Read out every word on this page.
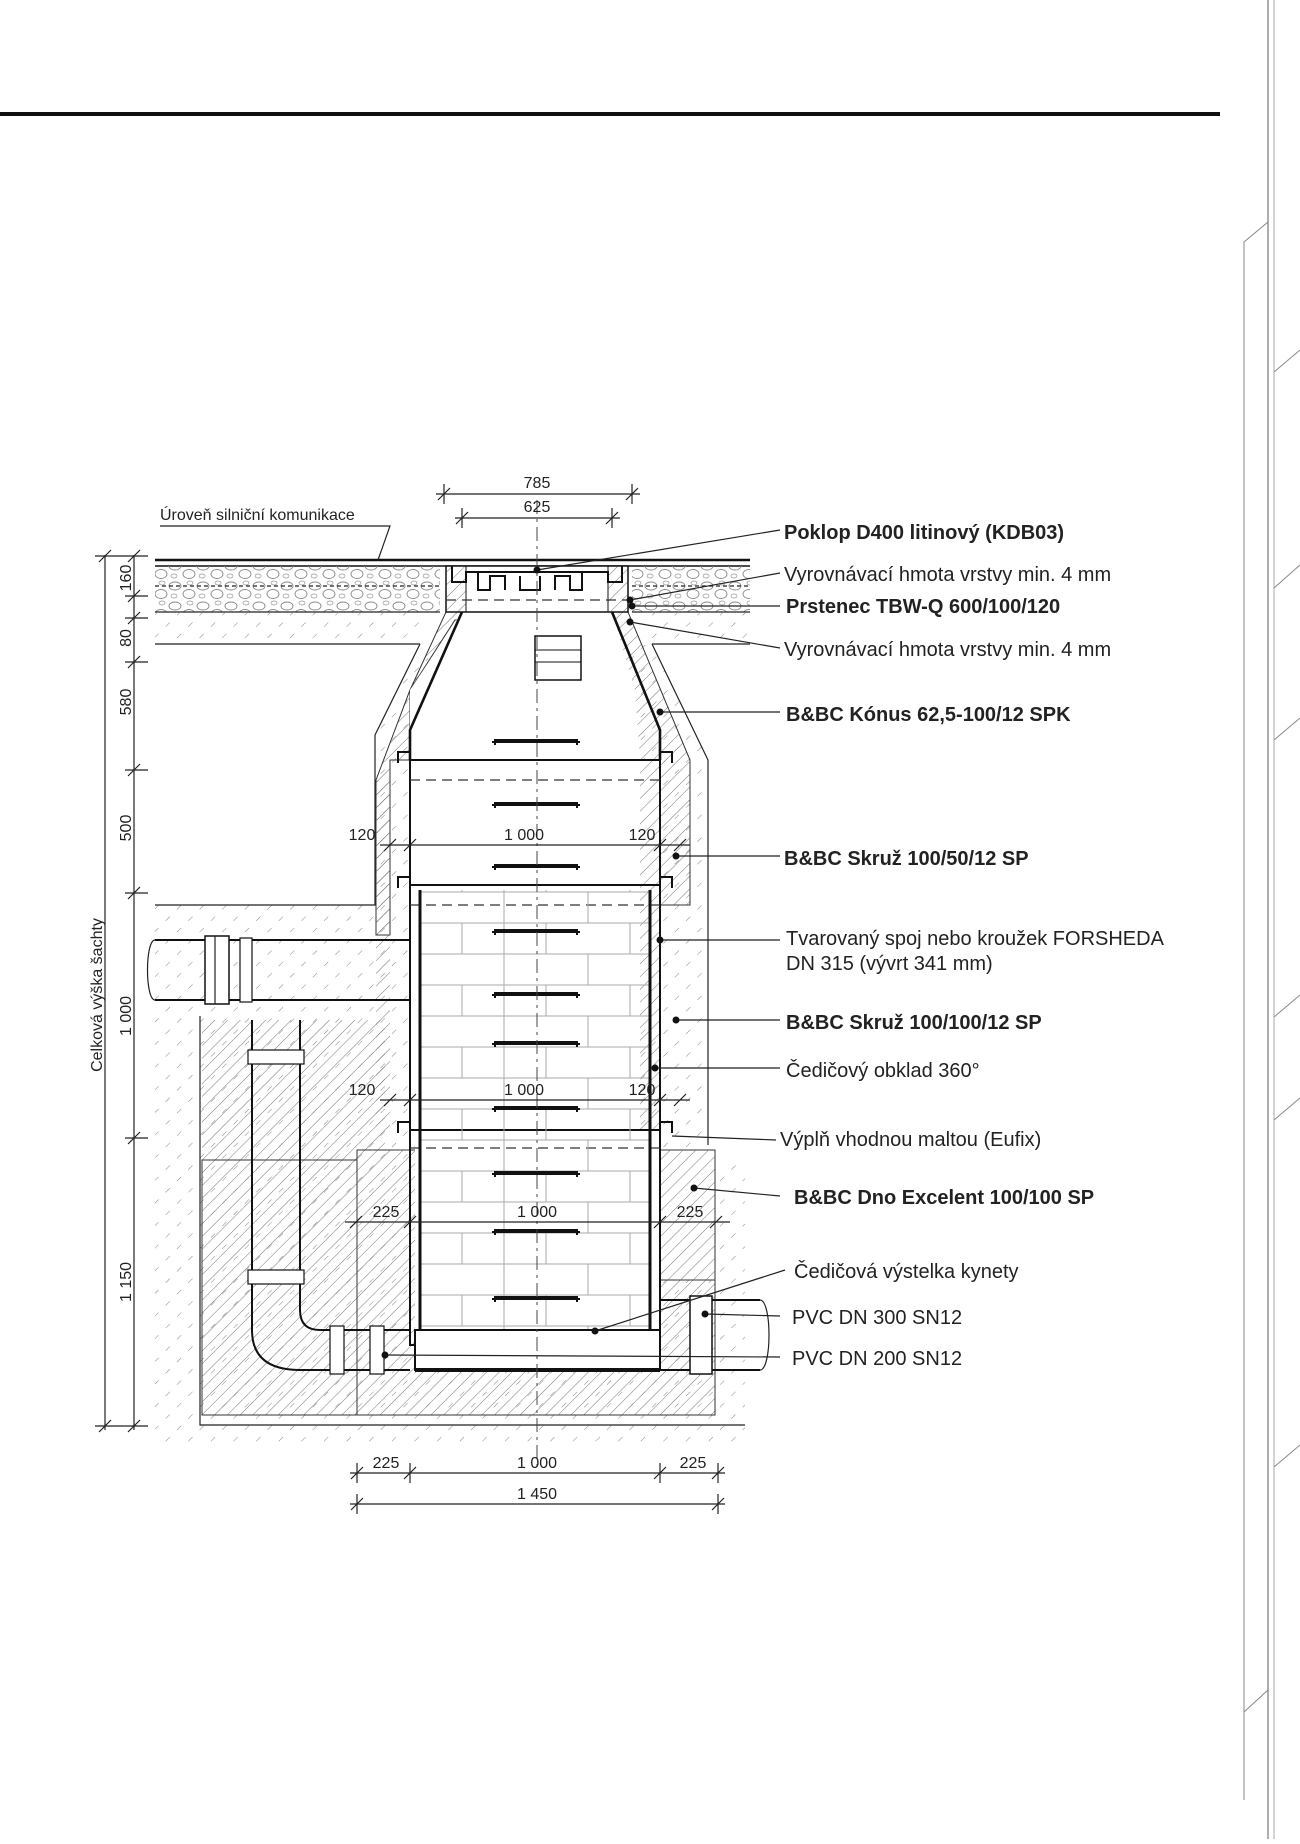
160
80
580
500
1 000
1 150
Celková výška šachty
785
625
Úroveň silniční komunikace
120	1 000	120
120	1 000	120
225	1 000	225
225	1 000	225
1 450
Poklop D400 litinový (KDB03)
Vyrovnávací hmota vrstvy min. 4 mm
Prstenec TBW-Q 600/100/120
Vyrovnávací hmota vrstvy min. 4 mm
B&BC Kónus 62,5-100/12 SPK
B&BC Skruž 100/50/12 SP
Tvarovaný spoj nebo kroužek FORSHEDA
DN 315 (vývrt 341 mm)
B&BC Skruž 100/100/12 SP
Čedičový obklad 360°
Výplň vhodnou maltou (Eufix)
B&BC Dno Excelent 100/100 SP
Čedičová výstelka kynety
PVC DN 300 SN12
PVC DN 200 SN12
